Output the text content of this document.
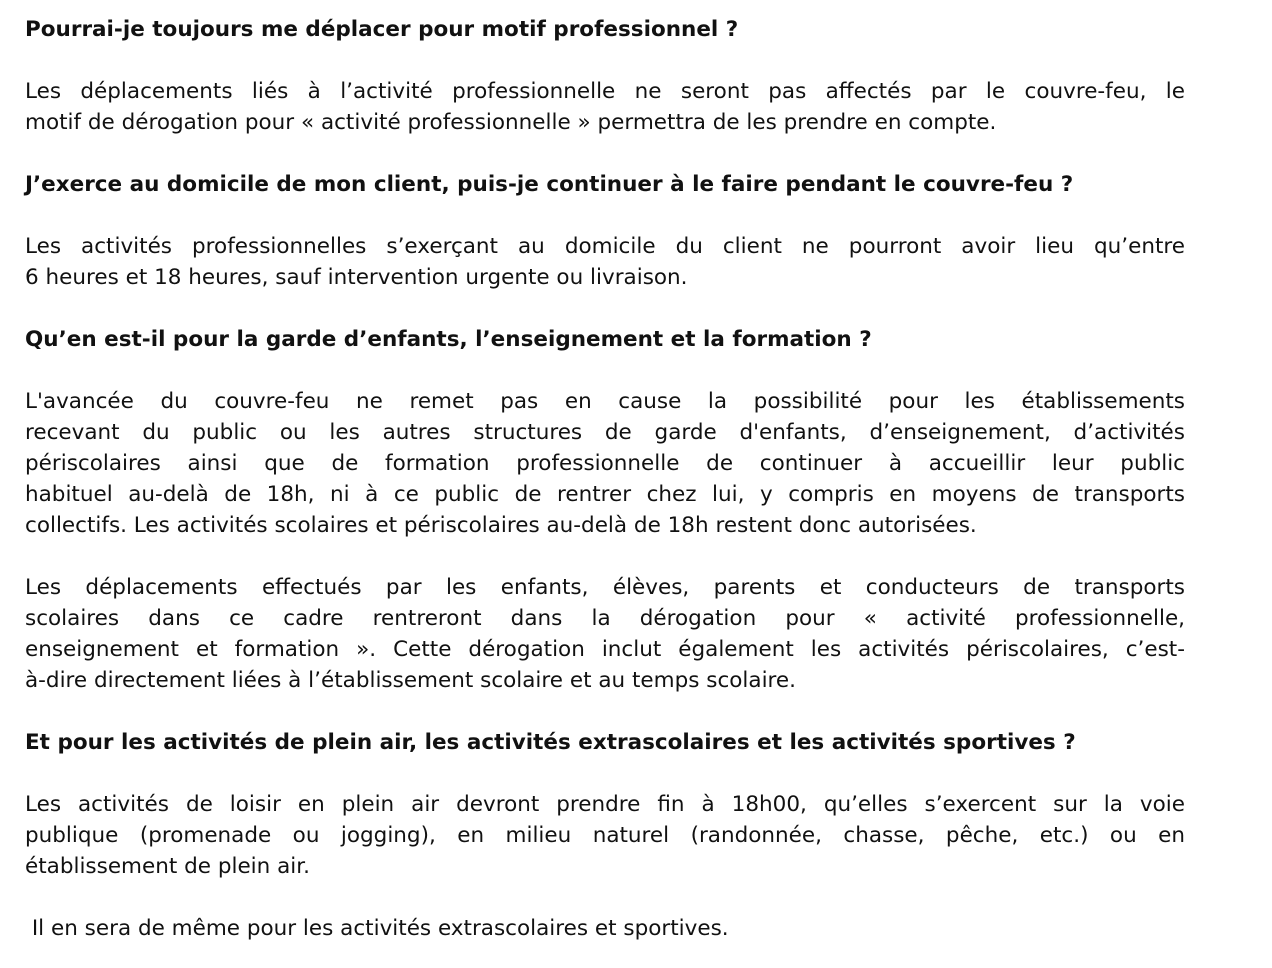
Pourrai-je toujours me déplacer pour motif professionnel ?

Les déplacements liés à l’activité professionnelle ne seront pas affectés par le couvre-feu, le
motif de dérogation pour « activité professionnelle » permettra de les prendre en compte.

J’exerce au domicile de mon client, puis-je continuer à le faire pendant le couvre-feu ?

Les activités professionnelles s’exerçant au domicile du client ne pourront avoir lieu qu’entre
6 heures et 18 heures, sauf intervention urgente ou livraison.

Qu’en est-il pour la garde d’enfants, l’enseignement et la formation ?

L'avancée du couvre-feu ne remet pas en cause la possibilité pour les établissements
recevant du public ou les autres structures de garde d'enfants, d’enseignement, d’activités
périscolaires ainsi que de formation professionnelle de continuer à accueillir leur public
habituel au-delà de 18h, ni à ce public de rentrer chez lui, y compris en moyens de transports
collectifs. Les activités scolaires et périscolaires au-delà de 18h restent donc autorisées.
Les déplacements effectués par les enfants, élèves, parents et conducteurs de transports
scolaires dans ce cadre rentreront dans la dérogation pour « activité professionnelle,
enseignement et formation ». Cette dérogation inclut également les activités périscolaires, c’est-
à-dire directement liées à l’établissement scolaire et au temps scolaire.

Et pour les activités de plein air, les activités extrascolaires et les activités sportives ?

Les activités de loisir en plein air devront prendre fin à 18h00, qu’elles s’exercent sur la voie
publique (promenade ou jogging), en milieu naturel (randonnée, chasse, pêche, etc.) ou en
établissement de plein air.
Il en sera de même pour les activités extrascolaires et sportives.
